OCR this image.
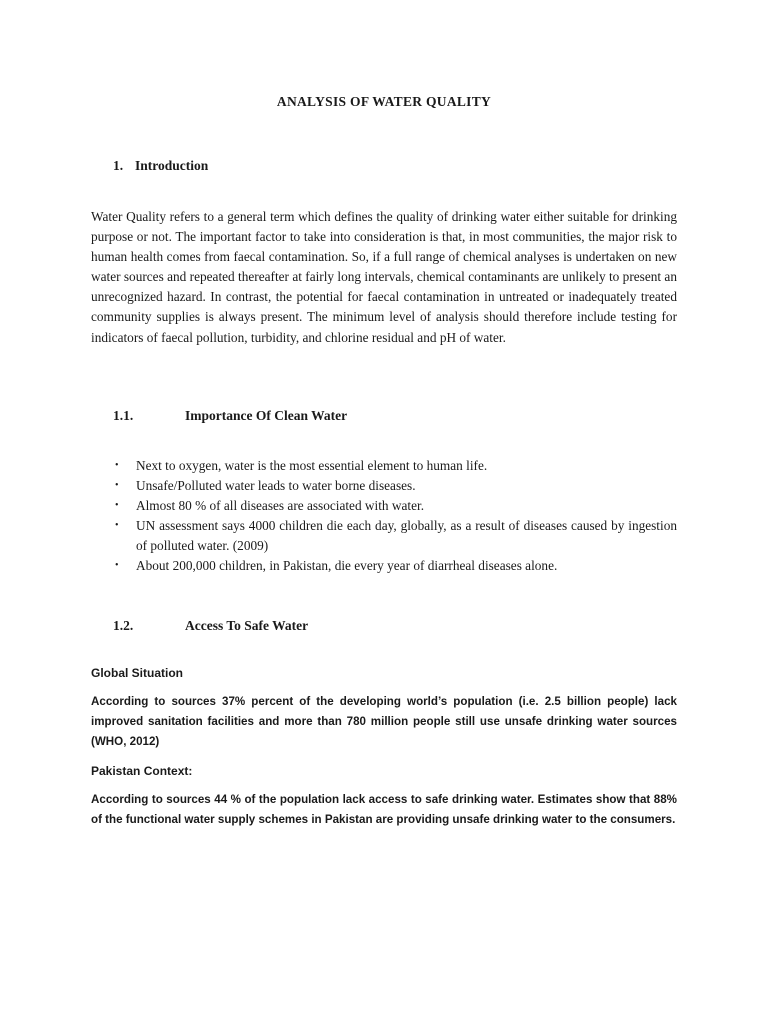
ANALYSIS OF WATER QUALITY
1. Introduction

Water Quality refers to a general term which defines the quality of drinking water either suitable for drinking purpose or not. The important factor to take into consideration is that, in most communities, the major risk to human health comes from faecal contamination. So, if a full range of chemical analyses is undertaken on new water sources and repeated thereafter at fairly long intervals, chemical contaminants are unlikely to present an unrecognized hazard. In contrast, the potential for faecal contamination in untreated or inadequately treated community supplies is always present. The minimum level of analysis should therefore include testing for indicators of faecal pollution, turbidity, and chlorine residual and pH of water.

1.1.	Importance Of Clean Water
• Next to oxygen, water is the most essential element to human life.
• Unsafe/Polluted water leads to water borne diseases.
• Almost 80 % of all diseases are associated with water.
• UN assessment says 4000 children die each day, globally, as a result of diseases caused by ingestion of polluted water. (2009)
• About 200,000 children, in Pakistan, die every year of diarrheal diseases alone.
1.2.	Access To Safe Water
Global Situation

According to sources 37% percent of the developing world’s population (i.e. 2.5 billion people) lack improved sanitation facilities and more than 780 million people still use unsafe drinking water sources (WHO, 2012)

Pakistan Context:

According to sources 44 % of the population lack access to safe drinking water. Estimates show that 88% of the functional water supply schemes in Pakistan are providing unsafe drinking water to the consumers.
